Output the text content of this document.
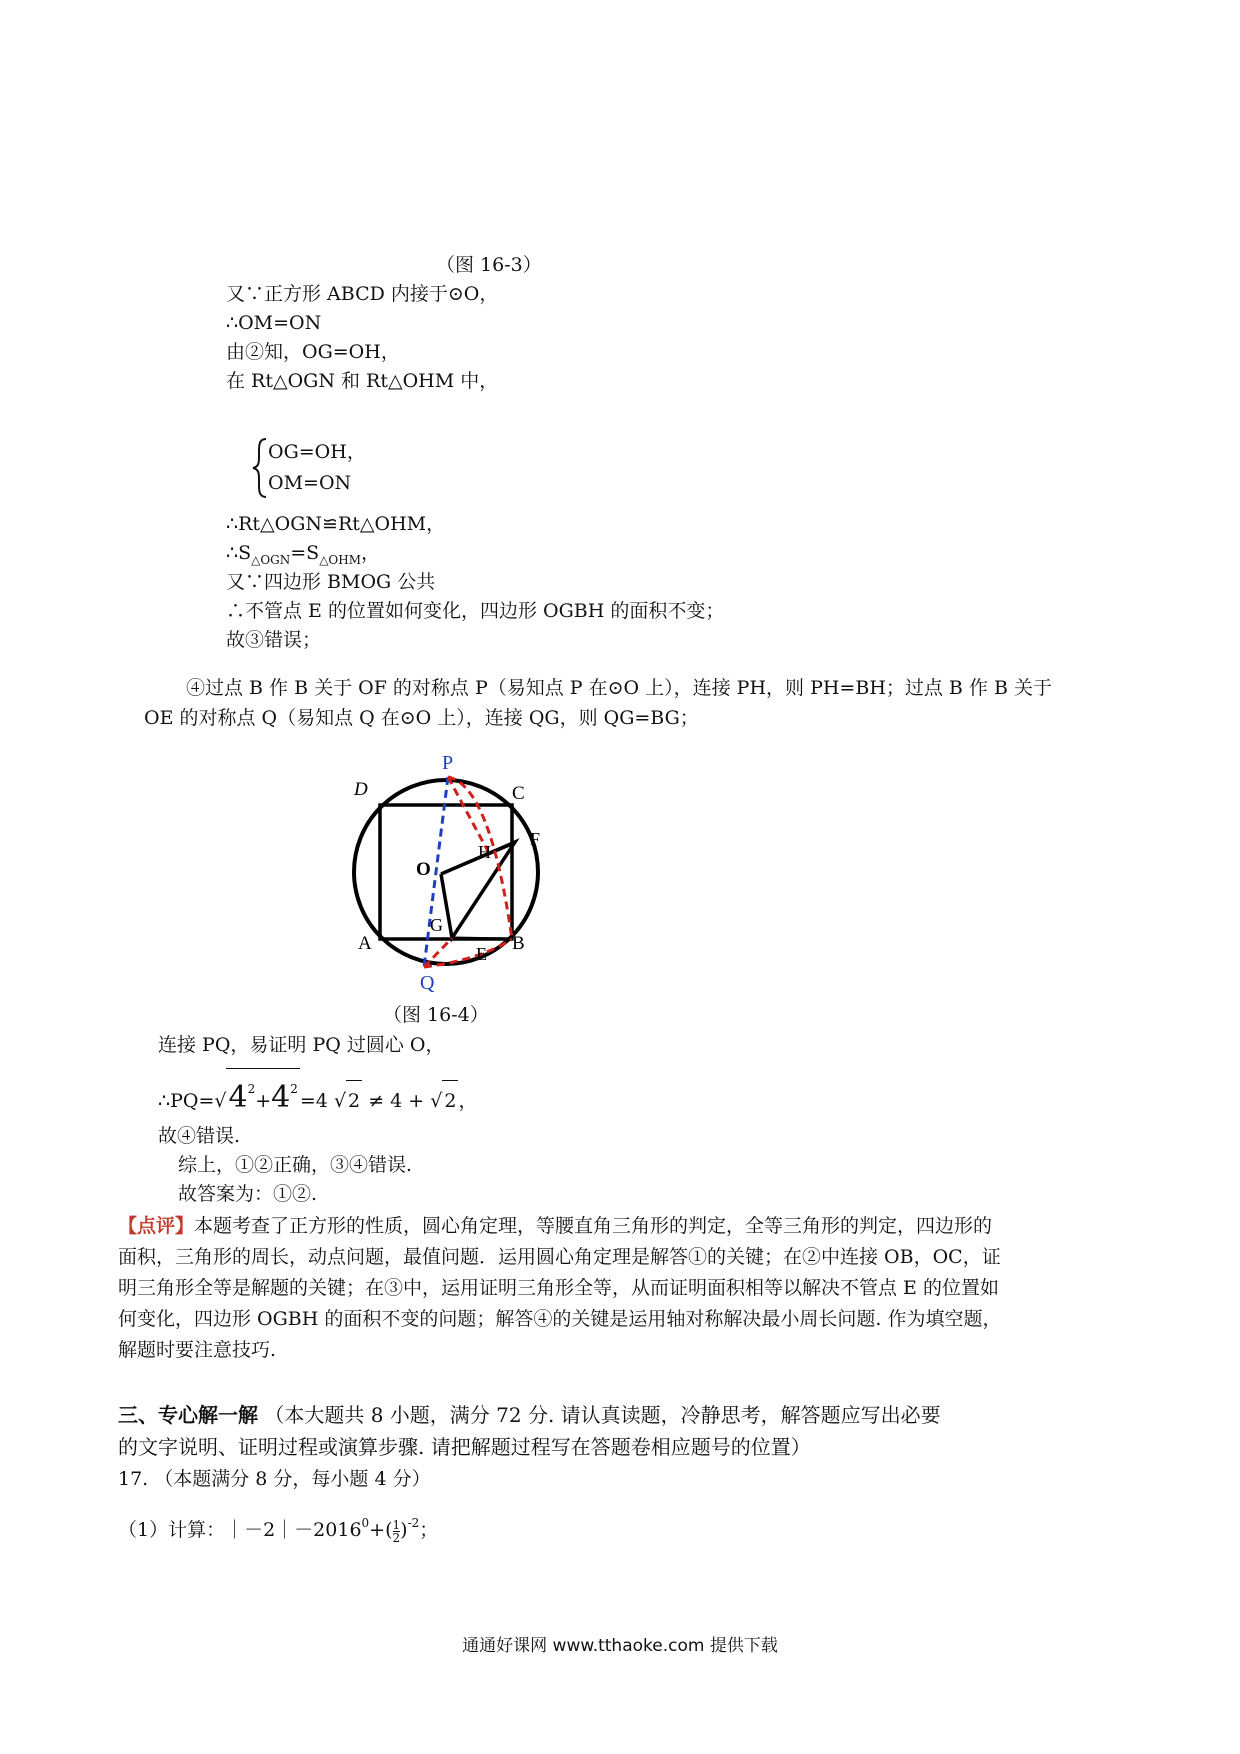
（图 16-3）
又∵正方形 ABCD 内接于⊙O，
∴OM=ON
由②知，OG=OH，
在 Rt△OGN 和 Rt△OHM 中，
OG=OH，
OM=ON
∴Rt△OGN≌Rt△OHM，
$\therefore S_{\triangle OGN}=S_{\triangle OHM}$，
又∵四边形 BMOG 公共
∴不管点 E 的位置如何变化，四边形 OGBH 的面积不变；
故③错误；
④过点 B 作 B 关于 OF 的对称点 P（易知点 P 在⊙O 上），连接 PH，则 PH=BH；过点 B 作 B 关于
OE 的对称点 Q（易知点 Q 在⊙O 上），连接 QG，则 QG=BG；
P
D	C
H
F
O
G
A	B
E
Q
（图 16-4）
连接 PQ，易证明 PQ 过圆心 O，
$\therefore PQ=√4^2+4^2=4$ √ 2 ≠ 4 + √ 2 ，
故④错误.
综上，①②正确，③④错误.
故答案为：①②.
【点评】本题考查了正方形的性质，圆心角定理，等腰直角三角形的判定，全等三角形的判定，四边形的
面积，三角形的周长，动点问题，最值问题．运用圆心角定理是解答①的关键；在②中连接 OB，OC，证
明三角形全等是解题的关键；在③中，运用证明三角形全等，从而证明面积相等以解决不管点 E 的位置如
何变化，四边形 OGBH 的面积不变的问题；解答④的关键是运用轴对称解决最小周长问题. 作为填空题，
解题时要注意技巧.
三、专心解一解 （本大题共 8 小题，满分 72 分. 请认真读题，冷静思考，解答题应写出必要
的文字说明、证明过程或演算步骤. 请把解题过程写在答题卷相应题号的位置）
17. （本题满分 8 分，每小题 4 分）
（1）计算：$|-2|-2016^0+( \frac{1}{2} )^{-2}$；
通通好课网 www.tthaoke.com 提供下载
